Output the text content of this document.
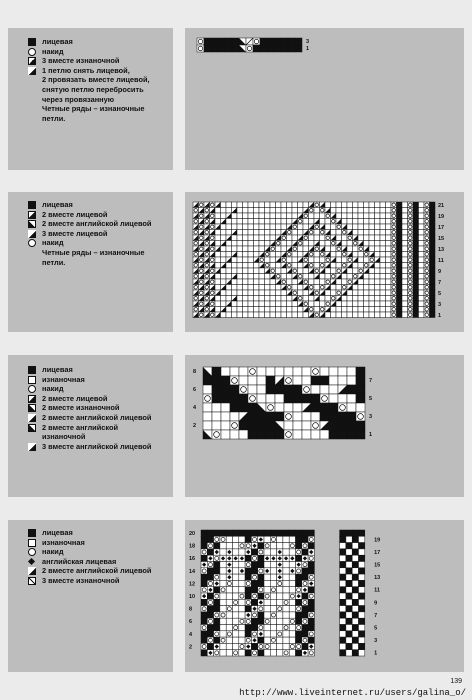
лицевая
накид
3 вместе изнаночной
1 петлю снять лицевой,
2 провязать вместе лицевой,
снятую петлю перебросить
через провязанную
Четные ряды – изнаночные
петли.
3
1
лицевая
2 вместе лицевой
2 вместе английской лицевой
3 вместе лицевой
накид
Четные ряды – изнаночные
петли.
21
19
17
15
13
11
9
7
5
3
1
лицевая
изнаночная
накид
2 вместе лицевой
2 вместе изнаночной
2 вместе английской лицевой
2 вместе английской
изнаночной
3 вместе английской лицевой
8
6
4
2
7
5
3
1
лицевая
изнаночная
накид
английская лицевая
2 вместе английской лицевой
3 вместе изнаночной
20
18
16
14
12
10
8
6
4
2
19
17
15
13
11
9
7
5
3
1
139
http://www.liveinternet.ru/users/galina_o/
